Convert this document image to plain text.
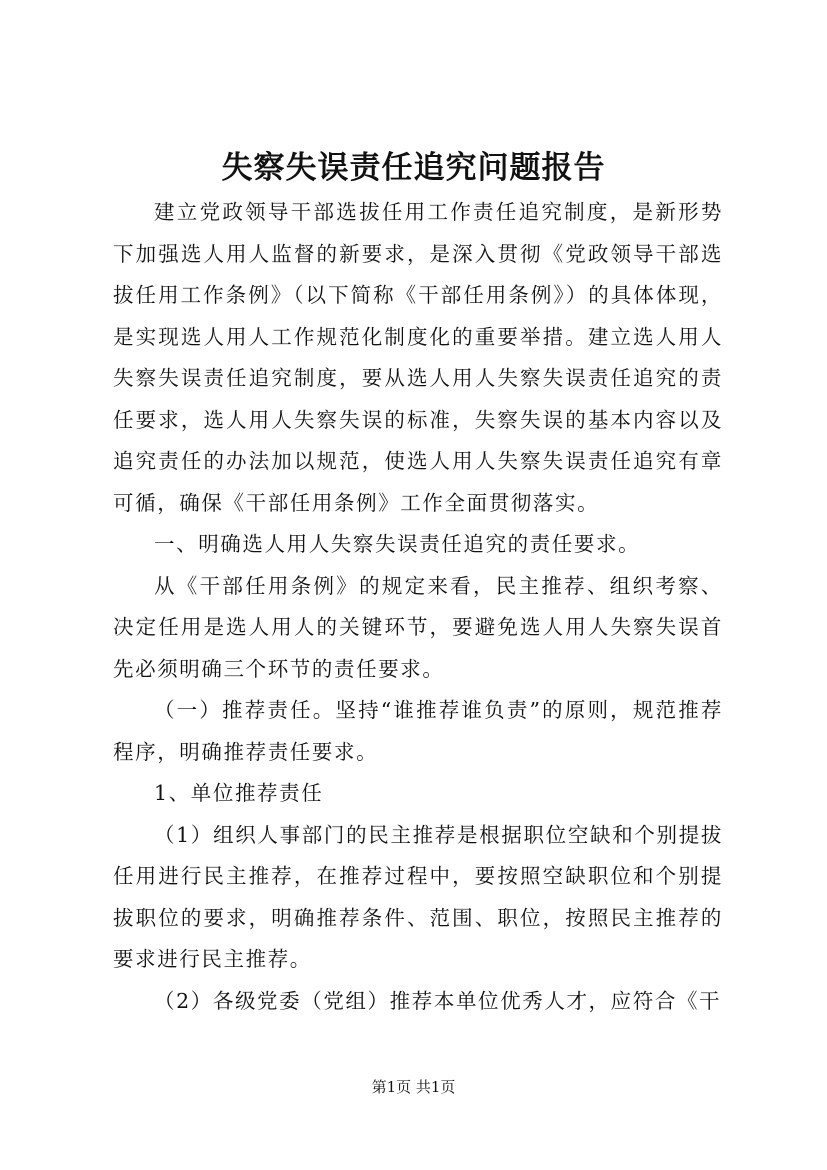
失察失误责任追究问题报告

建立党政领导干部选拔任用工作责任追究制度，是新形势下加强选人用人监督的新要求，是深入贯彻《党政领导干部选拔任用工作条例》（以下简称《干部任用条例》）的具体体现，是实现选人用人工作规范化制度化的重要举措。建立选人用人失察失误责任追究制度，要从选人用人失察失误责任追究的责任要求，选人用人失察失误的标准，失察失误的基本内容以及追究责任的办法加以规范，使选人用人失察失误责任追究有章可循，确保《干部任用条例》工作全面贯彻落实。

一、明确选人用人失察失误责任追究的责任要求。

从《干部任用条例》的规定来看，民主推荐、组织考察、决定任用是选人用人的关键环节，要避免选人用人失察失误首先必须明确三个环节的责任要求。

（一）推荐责任。坚持“谁推荐谁负责”的原则，规范推荐程序，明确推荐责任要求。

1、单位推荐责任

（1）组织人事部门的民主推荐是根据职位空缺和个别提拔任用进行民主推荐，在推荐过程中，要按照空缺职位和个别提拔职位的要求，明确推荐条件、范围、职位，按照民主推荐的要求进行民主推荐。

（2）各级党委（党组）推荐本单位优秀人才，应符合《干

第1页 共1页
